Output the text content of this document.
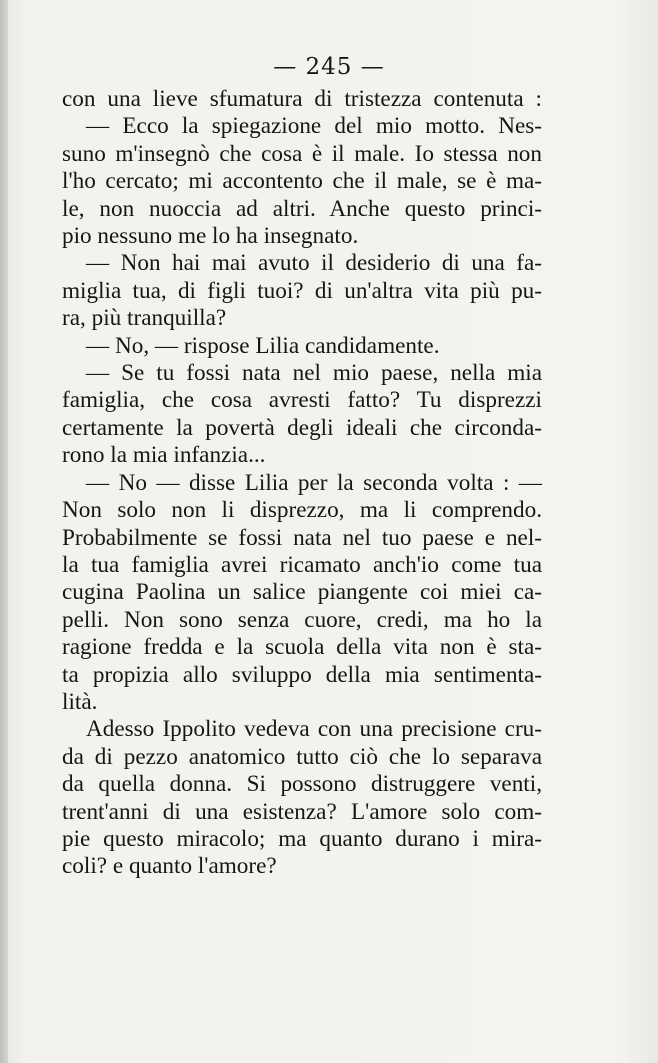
— 245 —

con una lieve sfumatura di tristezza contenuta :

— Ecco la spiegazione del mio motto. Nes-

suno m'insegnò che cosa è il male. Io stessa non

l'ho cercato; mi accontento che il male, se è ma-

le, non nuoccia ad altri. Anche questo princi-

pio nessuno me lo ha insegnato.

— Non hai mai avuto il desiderio di una fa-

miglia tua, di figli tuoi? di un'altra vita più pu-

ra, più tranquilla?

— No, — rispose Lilia candidamente.

— Se tu fossi nata nel mio paese, nella mia

famiglia, che cosa avresti fatto? Tu disprezzi

certamente la povertà degli ideali che circonda-

rono la mia infanzia...

— No — disse Lilia per la seconda volta : —

Non solo non li disprezzo, ma li comprendo.

Probabilmente se fossi nata nel tuo paese e nel-

la tua famiglia avrei ricamato anch'io come tua

cugina Paolina un salice piangente coi miei ca-

pelli. Non sono senza cuore, credi, ma ho la

ragione fredda e la scuola della vita non è sta-

ta propizia allo sviluppo della mia sentimenta-

lità.

Adesso Ippolito vedeva con una precisione cru-

da di pezzo anatomico tutto ciò che lo separava

da quella donna. Si possono distruggere venti,

trent'anni di una esistenza? L'amore solo com-

pie questo miracolo; ma quanto durano i mira-

coli? e quanto l'amore?
